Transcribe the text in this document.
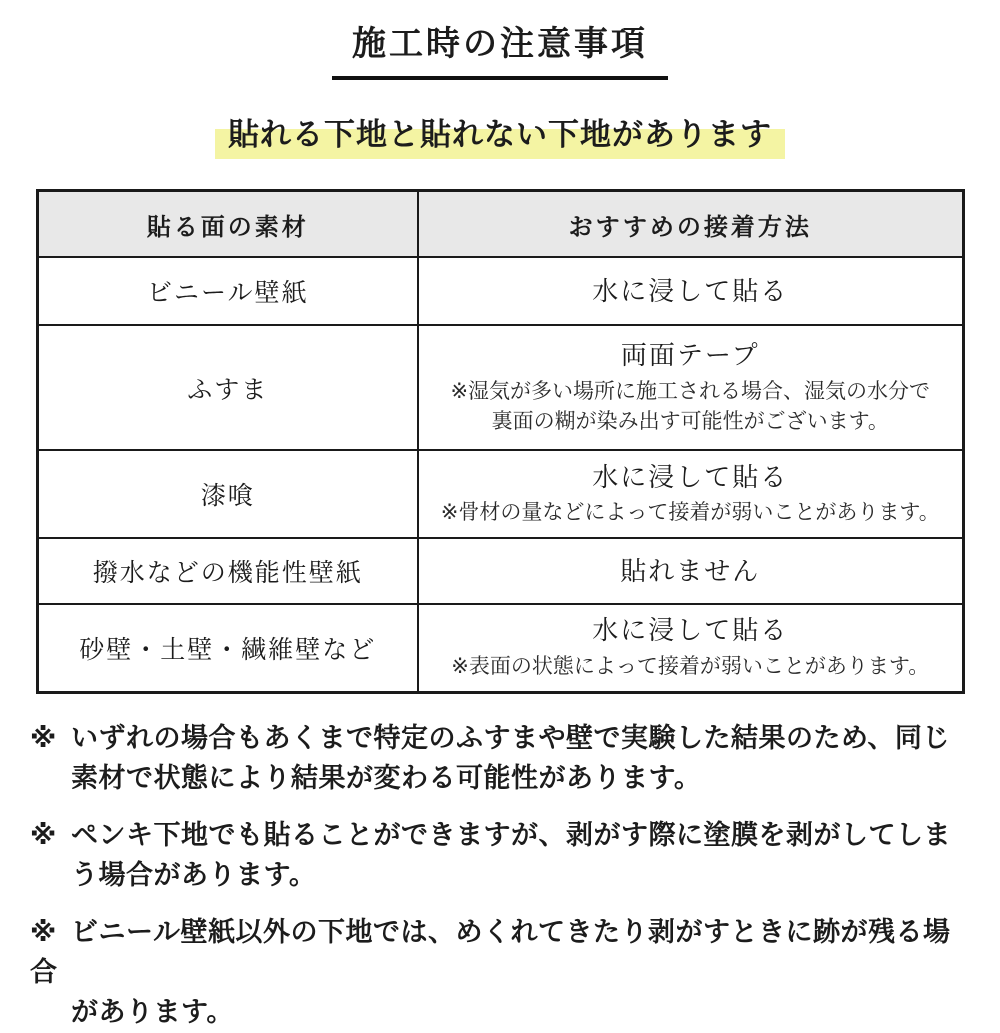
施工時の注意事項
貼れる下地と貼れない下地があります
貼る面の素材	おすすめの接着方法
ビニール壁紙	水に浸して貼る

ふすま	両面テープ
※湿気が多い場所に施工される場合、湿気の水分で
裏面の糊が染み出す可能性がございます。

漆喰	水に浸して貼る
※骨材の量などによって接着が弱いことがあります。

撥水などの機能性壁紙	貼れません

砂壁・土壁・繊維壁など	水に浸して貼る
※表面の状態によって接着が弱いことがあります。
※ いずれの場合もあくまで特定のふすまや壁で実験した結果のため、同じ
素材で状態により結果が変わる可能性があります。
※ ペンキ下地でも貼ることができますが、剥がす際に塗膜を剥がしてしま
う場合があります。
※ ビニール壁紙以外の下地では、めくれてきたり剥がすときに跡が残る場合
があります。
